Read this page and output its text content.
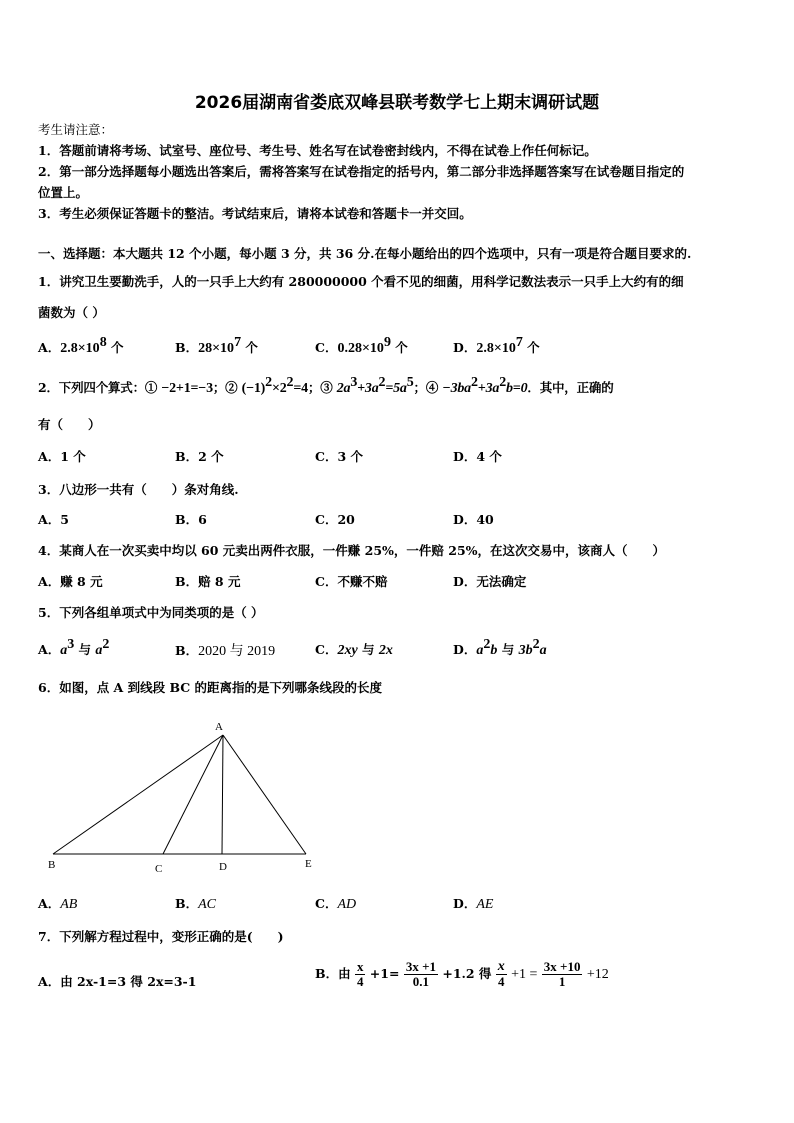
2026届湖南省娄底双峰县联考数学七上期末调研试题
考生请注意：
1．答题前请将考场、试室号、座位号、考生号、姓名写在试卷密封线内，不得在试卷上作任何标记。
2．第一部分选择题每小题选出答案后，需将答案写在试卷指定的括号内，第二部分非选择题答案写在试卷题目指定的
位置上。
3．考生必须保证答题卡的整洁。考试结束后，请将本试卷和答题卡一并交回。
一、选择题：本大题共 12 个小题，每小题 3 分，共 36 分.在每小题给出的四个选项中，只有一项是符合题目要求的.
1．讲究卫生要勤洗手，人的一只手上大约有 280000000 个看不见的细菌，用科学记数法表示一只手上大约有的细
菌数为（ ）
A．$2.8\times 10^8$ 个	B．$28\times 10^7$ 个	C．$0.28\times 10^9$ 个	D．$2.8\times 10^7$ 个
2．下列四个算式：① −2+1=−3；② $(-1)^2\times 2^2=4$；③ $2a^3+3a^2=5a^5$；④ $-3ba^2+3a^2b=0$．其中，正确的
有（　　）
A．1 个	B．2 个	C．3 个	D．4 个
3．八边形一共有（　　）条对角线.
A．5	B．6	C．20	D．40
4．某商人在一次买卖中均以 60 元卖出两件衣服，一件赚 25%，一件赔 25%，在这次交易中，该商人（　　）
A．赚 8 元	B．赔 8 元	C．不赚不赔	D．无法确定
5．下列各组单项式中为同类项的是（ ）
A．$a^3$ 与 $a^2$	B．2020 与 2019	C．2xy 与 2x	D．$a^2b$ 与 $3b^2a$
6．如图，点 A 到线段 BC 的距离指的是下列哪条线段的长度
A
B	C	D	E
A．AB	B．AC	C．AD	D．AE
7．下列解方程过程中，变形正确的是(　　)
A．由 2x-1=3 得 2x=3-1
B．由 $\frac{x}{4} +1= \frac{3x +1}{0.1} +1.2$ 得 $\frac{x}{4} +1 = \frac{3x +10}{1} +12$
